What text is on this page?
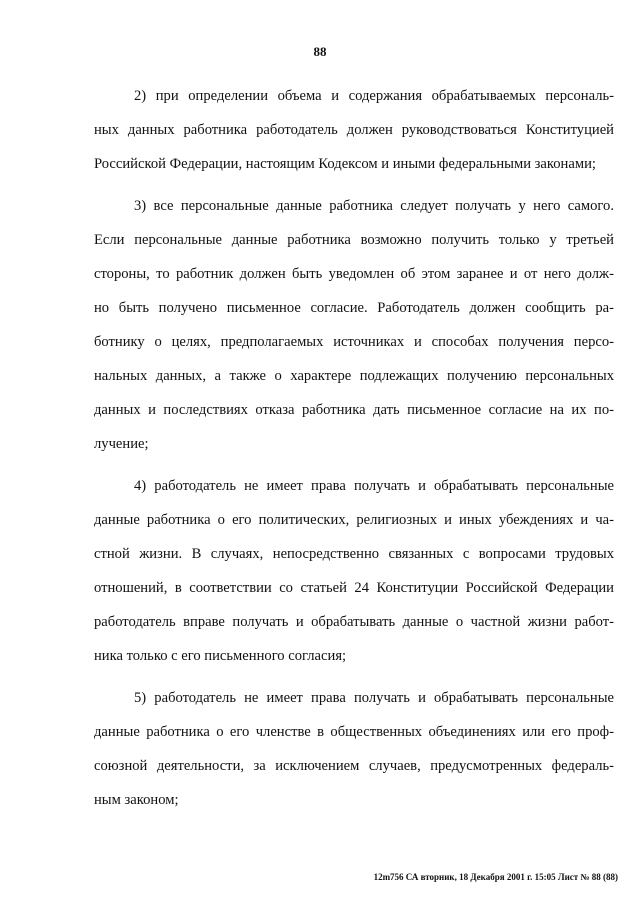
88
2) при определении объема и содержания обрабатываемых персональ-
ных данных работника работодатель должен руководствоваться Конституцией
Российской Федерации, настоящим Кодексом и иными федеральными законами;
3) все персональные данные работника следует получать у него самого.
Если персональные данные работника возможно получить только у третьей
стороны, то работник должен быть уведомлен об этом заранее и от него долж-
но быть получено письменное согласие. Работодатель должен сообщить ра-
ботнику о целях, предполагаемых источниках и способах получения персо-
нальных данных, а также о характере подлежащих получению персональных
данных и последствиях отказа работника дать письменное согласие на их по-
лучение;
4) работодатель не имеет права получать и обрабатывать персональные
данные работника о его политических, религиозных и иных убеждениях и ча-
стной жизни. В случаях, непосредственно связанных с вопросами трудовых
отношений, в соответствии со статьей 24 Конституции Российской Федерации
работодатель вправе получать и обрабатывать данные о частной жизни работ-
ника только с его письменного согласия;
5) работодатель не имеет права получать и обрабатывать персональные
данные работника о его членстве в общественных объединениях или его проф-
союзной деятельности, за исключением случаев, предусмотренных федераль-
ным законом;
12m756 СА вторник, 18 Декабря 2001 г. 15:05 Лист № 88 (88)
